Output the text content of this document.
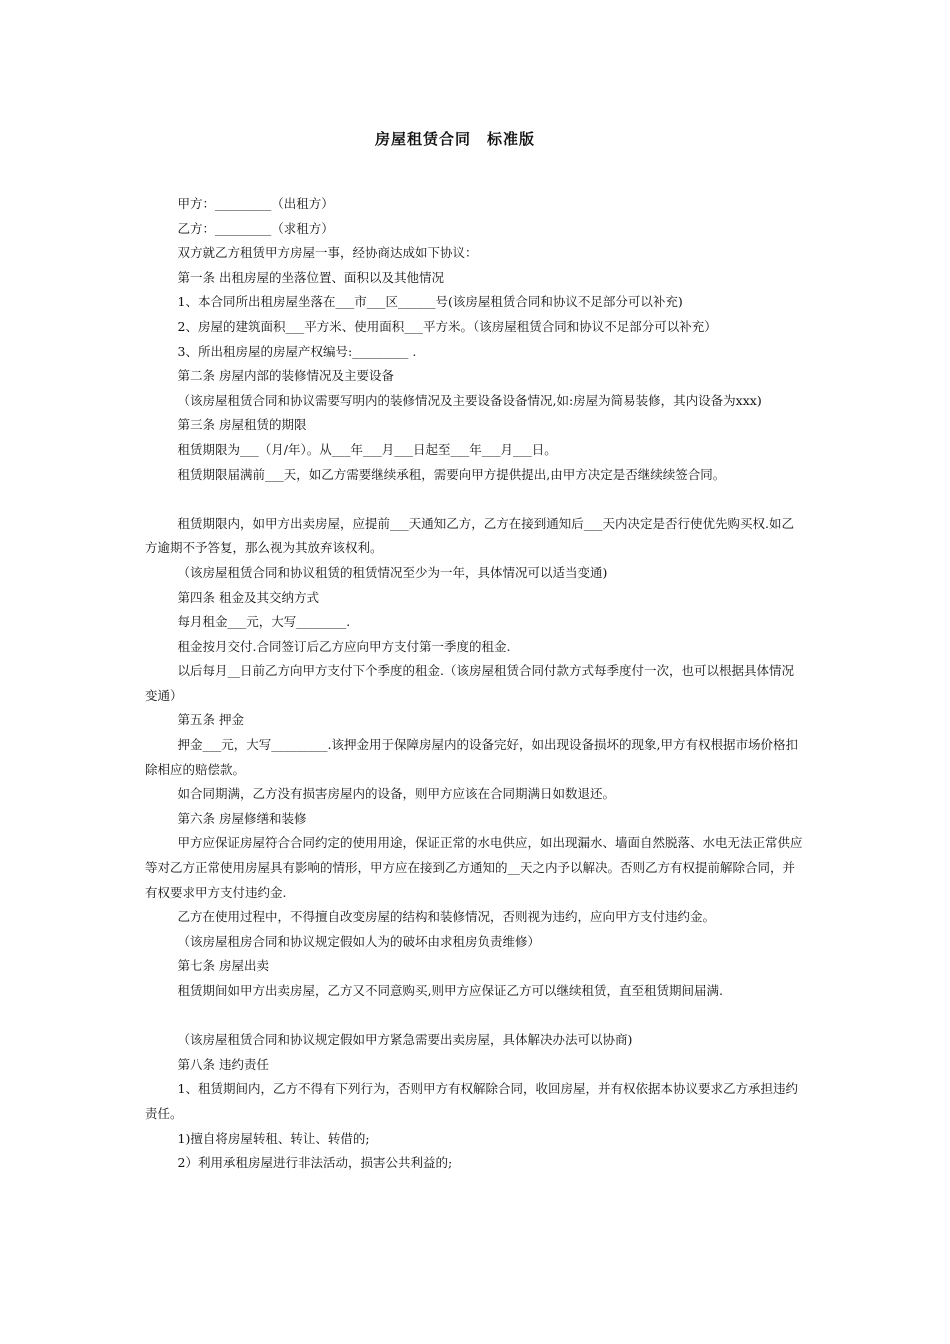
房屋租赁合同 标准版

甲方：_________（出租方）

乙方：_________（求租方）

双方就乙方租赁甲方房屋一事，经协商达成如下协议：

第一条 出租房屋的坐落位置、面积以及其他情况

1、本合同所出租房屋坐落在___市___区______号(该房屋租赁合同和协议不足部分可以补充)

2、房屋的建筑面积___平方米、使用面积___平方米。（该房屋租赁合同和协议不足部分可以补充）

3、所出租房屋的房屋产权编号:_________ .

第二条 房屋内部的装修情况及主要设备

（该房屋租赁合同和协议需要写明内的装修情况及主要设备设备情况,如:房屋为简易装修，其内设备为xxx)

第三条 房屋租赁的期限

租赁期限为___（月/年）。从___年___月___日起至___年___月___日。

租赁期限届满前___天，如乙方需要继续承租，需要向甲方提供提出,由甲方决定是否继续续签合同。

租赁期限内，如甲方出卖房屋，应提前___天通知乙方，乙方在接到通知后___天内决定是否行使优先购买权.如乙方逾期不予答复，那么视为其放弃该权利。

（该房屋租赁合同和协议租赁的租赁情况至少为一年，具体情况可以适当变通)

第四条 租金及其交纳方式

每月租金___元，大写________.

租金按月交付.合同签订后乙方应向甲方支付第一季度的租金.

以后每月__日前乙方向甲方支付下个季度的租金.（该房屋租赁合同付款方式每季度付一次，也可以根据具体情况变通）

第五条 押金

押金___元，大写_________.该押金用于保障房屋内的设备完好，如出现设备损坏的现象,甲方有权根据市场价格扣除相应的赔偿款。

如合同期满，乙方没有损害房屋内的设备，则甲方应该在合同期满日如数退还。

第六条 房屋修缮和装修

甲方应保证房屋符合合同约定的使用用途，保证正常的水电供应，如出现漏水、墙面自然脱落、水电无法正常供应等对乙方正常使用房屋具有影响的情形，甲方应在接到乙方通知的__天之内予以解决。否则乙方有权提前解除合同，并有权要求甲方支付违约金.

乙方在使用过程中，不得擅自改变房屋的结构和装修情况，否则视为违约，应向甲方支付违约金。

（该房屋租房合同和协议规定假如人为的破坏由求租房负责维修）

第七条 房屋出卖

租赁期间如甲方出卖房屋，乙方又不同意购买,则甲方应保证乙方可以继续租赁，直至租赁期间届满.

（该房屋租赁合同和协议规定假如甲方紧急需要出卖房屋，具体解决办法可以协商)

第八条 违约责任

1、租赁期间内，乙方不得有下列行为，否则甲方有权解除合同，收回房屋，并有权依据本协议要求乙方承担违约责任。

1)擅自将房屋转租、转让、转借的;

2）利用承租房屋进行非法活动，损害公共利益的;
